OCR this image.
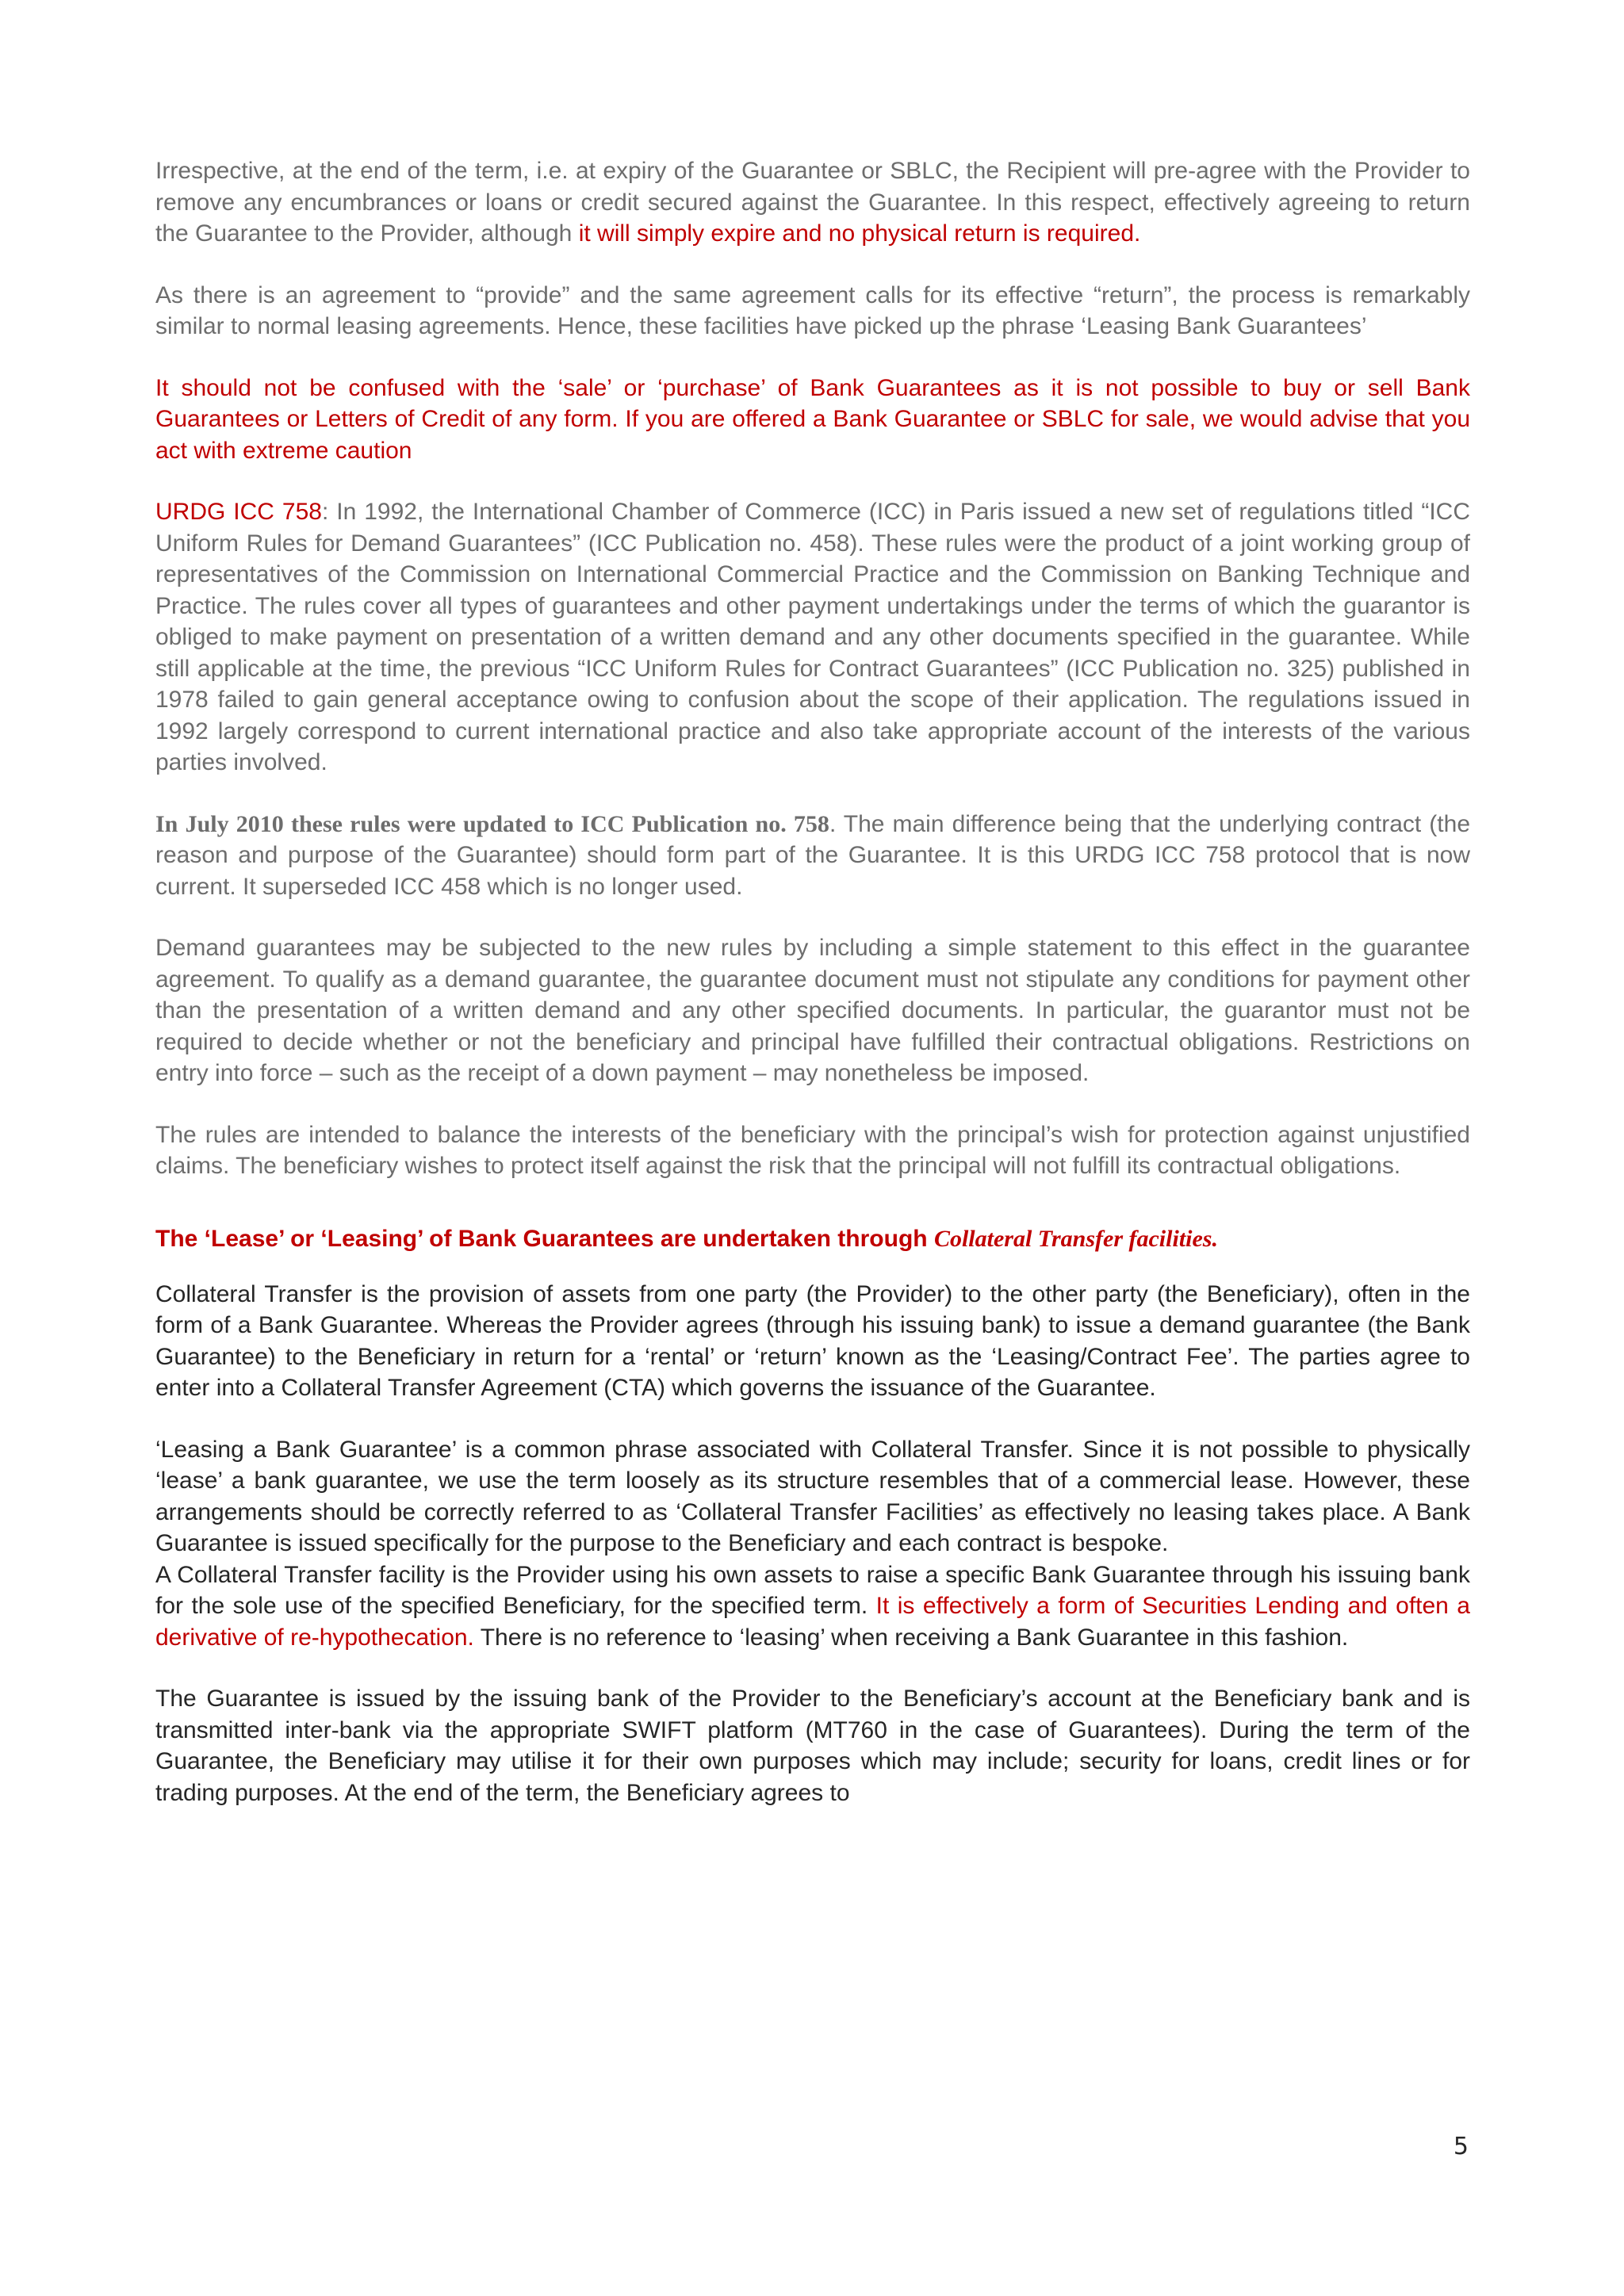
Irrespective, at the end of the term, i.e. at expiry of the Guarantee or SBLC, the Recipient will pre-agree with the Provider to remove any encumbrances or loans or credit secured against the Guarantee. In this respect, effectively agreeing to return the Guarantee to the Provider, although it will simply expire and no physical return is required.

As there is an agreement to “provide” and the same agreement calls for its effective “return”, the process is remarkably similar to normal leasing agreements. Hence, these facilities have picked up the phrase ‘Leasing Bank Guarantees’

It should not be confused with the ‘sale’ or ‘purchase’ of Bank Guarantees as it is not possible to buy or sell Bank Guarantees or Letters of Credit of any form. If you are offered a Bank Guarantee or SBLC for sale, we would advise that you act with extreme caution

URDG ICC 758: In 1992, the International Chamber of Commerce (ICC) in Paris issued a new set of regulations titled “ICC Uniform Rules for Demand Guarantees” (ICC Publication no. 458). These rules were the product of a joint working group of representatives of the Commission on International Commercial Practice and the Commission on Banking Technique and Practice. The rules cover all types of guarantees and other payment undertakings under the terms of which the guarantor is obliged to make payment on presentation of a written demand and any other documents specified in the guarantee. While still applicable at the time, the previous “ICC Uniform Rules for Contract Guarantees” (ICC Publication no. 325) published in 1978 failed to gain general acceptance owing to confusion about the scope of their application. The regulations issued in 1992 largely correspond to current international practice and also take appropriate account of the interests of the various parties involved.

In July 2010 these rules were updated to ICC Publication no. 758. The main difference being that the underlying contract (the reason and purpose of the Guarantee) should form part of the Guarantee. It is this URDG ICC 758 protocol that is now current. It superseded ICC 458 which is no longer used.

Demand guarantees may be subjected to the new rules by including a simple statement to this effect in the guarantee agreement. To qualify as a demand guarantee, the guarantee document must not stipulate any conditions for payment other than the presentation of a written demand and any other specified documents. In particular, the guarantor must not be required to decide whether or not the beneficiary and principal have fulfilled their contractual obligations. Restrictions on entry into force – such as the receipt of a down payment – may nonetheless be imposed.

The rules are intended to balance the interests of the beneficiary with the principal’s wish for protection against unjustified claims. The beneficiary wishes to protect itself against the risk that the principal will not fulfill its contractual obligations.

The ‘Lease’ or ‘Leasing’ of Bank Guarantees are undertaken through Collateral Transfer facilities.

Collateral Transfer is the provision of assets from one party (the Provider) to the other party (the Beneficiary), often in the form of a Bank Guarantee. Whereas the Provider agrees (through his issuing bank) to issue a demand guarantee (the Bank Guarantee) to the Beneficiary in return for a ‘rental’ or ‘return’ known as the ‘Leasing/Contract Fee’. The parties agree to enter into a Collateral Transfer Agreement (CTA) which governs the issuance of the Guarantee.

‘Leasing a Bank Guarantee’ is a common phrase associated with Collateral Transfer. Since it is not possible to physically ‘lease’ a bank guarantee, we use the term loosely as its structure resembles that of a commercial lease. However, these arrangements should be correctly referred to as ‘Collateral Transfer Facilities’ as effectively no leasing takes place. A Bank Guarantee is issued specifically for the purpose to the Beneficiary and each contract is bespoke.

A Collateral Transfer facility is the Provider using his own assets to raise a specific Bank Guarantee through his issuing bank for the sole use of the specified Beneficiary, for the specified term. It is effectively a form of Securities Lending and often a derivative of re-hypothecation. There is no reference to ‘leasing’ when receiving a Bank Guarantee in this fashion.

The Guarantee is issued by the issuing bank of the Provider to the Beneficiary’s account at the Beneficiary bank and is transmitted inter-bank via the appropriate SWIFT platform (MT760 in the case of Guarantees). During the term of the Guarantee, the Beneficiary may utilise it for their own purposes which may include; security for loans, credit lines or for trading purposes. At the end of the term, the Beneficiary agrees to

5
